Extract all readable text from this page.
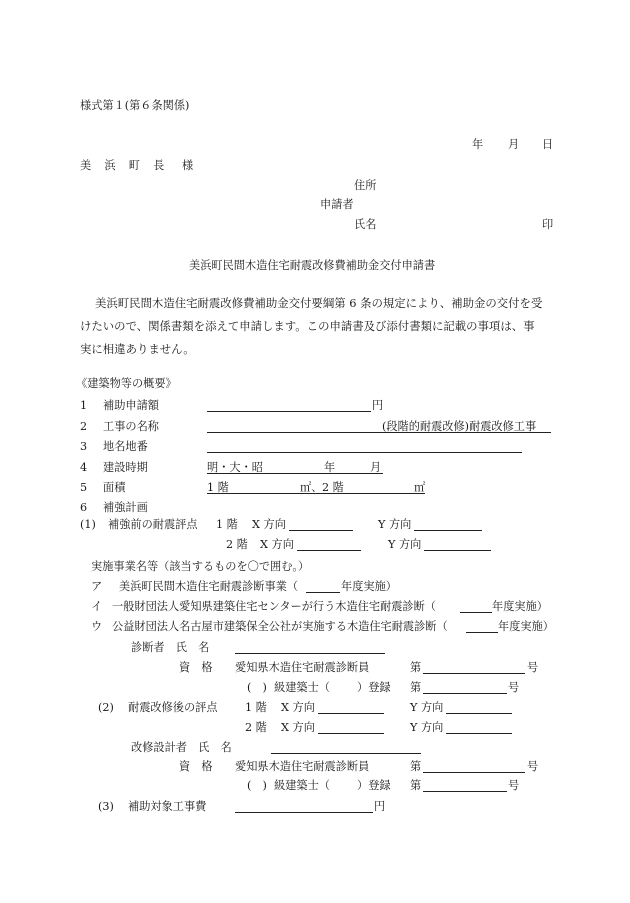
様式第１(第６条関係)
年 月 日
美　浜　町　長 様
住所
申請者
氏名	印
美浜町民間木造住宅耐震改修費補助金交付申請書
美浜町民間木造住宅耐震改修費補助金交付要綱第 6 条の規定により、補助金の交付を受
けたいので、関係書類を添えて申請します。この申請書及び添付書類に記載の事項は、事
実に相違ありません。
《建築物等の概要》
1 補助申請額	円
2 工事の名称	(段階的耐震改修)耐震改修工事
3 地名地番
4 建設時期	明・大・昭	年	月
5 面積	1 階	㎡、 2 階	㎡
6 補強計画
(1) 補強前の耐震評点 1 階 X 方向	Y 方向
2 階 X 方向	Y 方向
実施事業名等（該当するものを〇で囲む。）
ア 美浜町民間木造住宅耐震診断事業（	年度実施）
イ 一般財団法人愛知県建築住宅センターが行う木造住宅耐震診断（	年度実施）
ウ 公益財団法人名古屋市建築保全公社が実施する木造住宅耐震診断（	年度実施）
診断者　氏　名
資　格 愛知県木造住宅耐震診断員	第	号
(　) 級建築士（ ）登録 第	号
(2) 耐震改修後の評点 1 階 X 方向	Y 方向
2 階 X 方向	Y 方向
改修設計者　氏　名
資　格 愛知県木造住宅耐震診断員	第	号
(　) 級建築士（ ）登録 第	号
(3) 補助対象工事費	円
